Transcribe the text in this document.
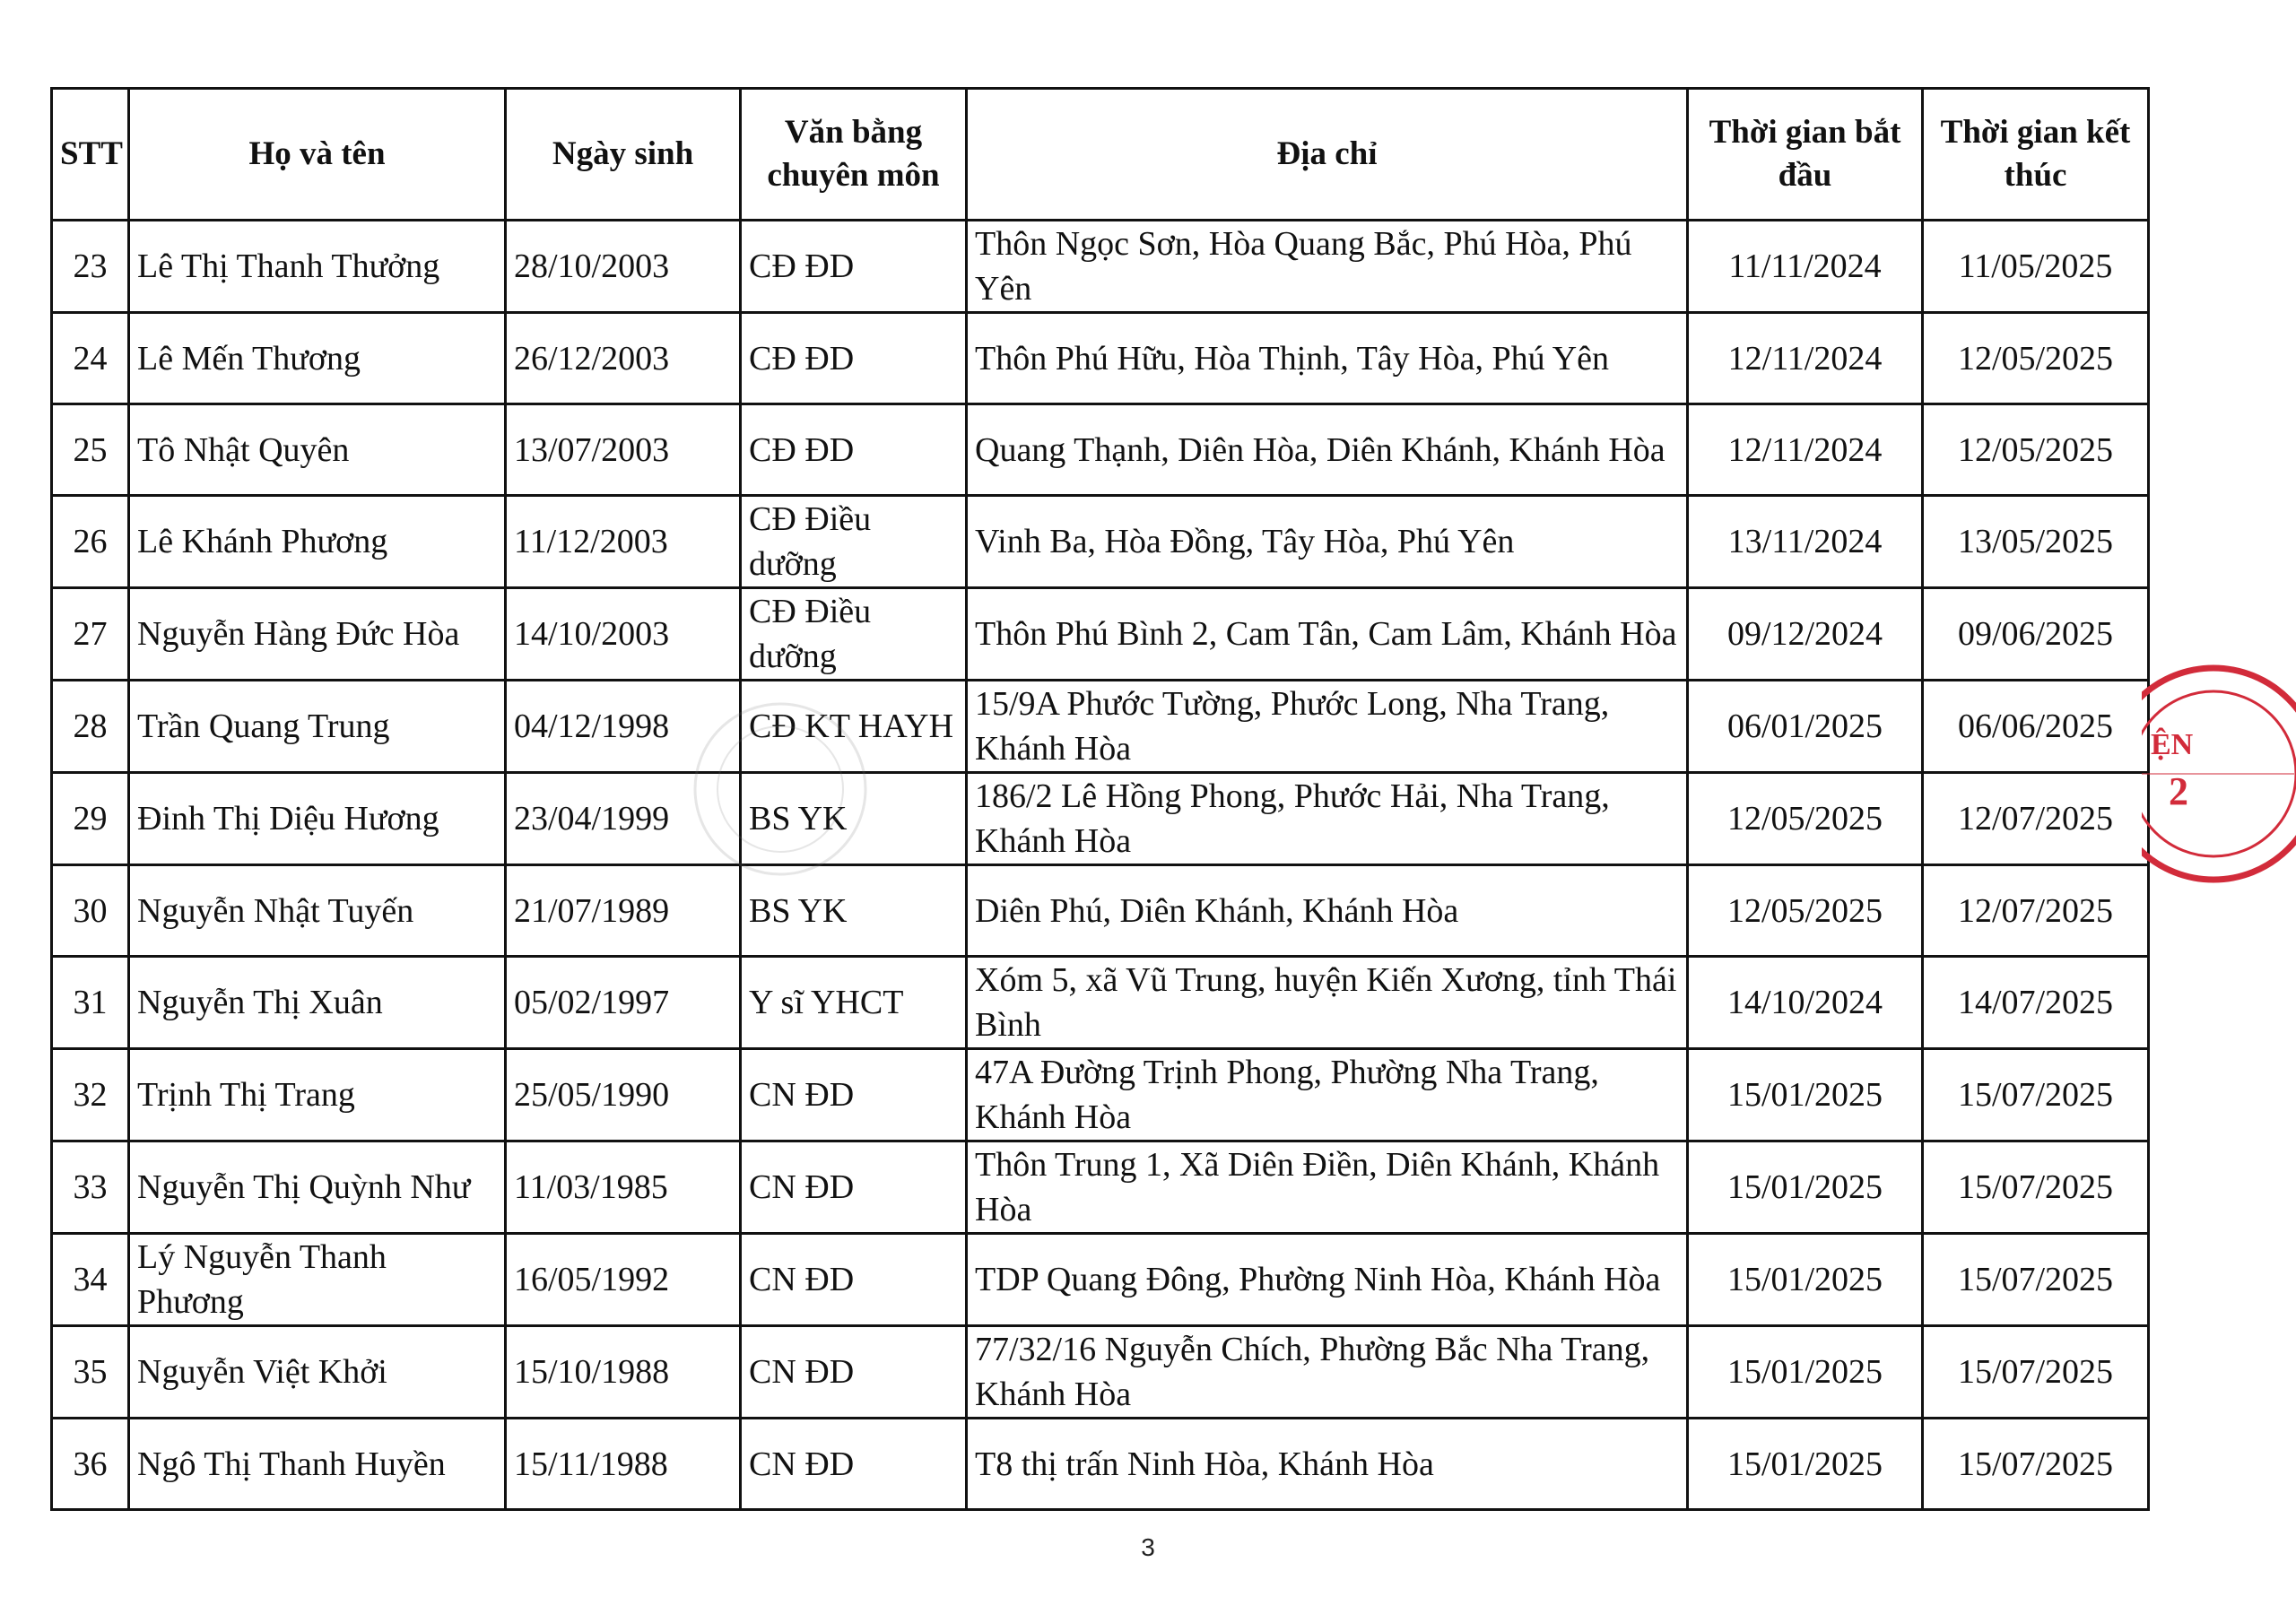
STT	Họ và tên	Ngày sinh	Văn bằng chuyên môn	Địa chỉ	Thời gian bắt đầu	Thời gian kết thúc
23	Lê Thị Thanh Thưởng	28/10/2003	CĐ ĐD	Thôn Ngọc Sơn, Hòa Quang Bắc, Phú Hòa, Phú Yên	11/11/2024	11/05/2025
24	Lê Mến Thương	26/12/2003	CĐ ĐD	Thôn Phú Hữu, Hòa Thịnh, Tây Hòa, Phú Yên	12/11/2024	12/05/2025
25	Tô Nhật Quyên	13/07/2003	CĐ ĐD	Quang Thạnh, Diên Hòa, Diên Khánh, Khánh Hòa	12/11/2024	12/05/2025
26	Lê Khánh Phương	11/12/2003	CĐ Điều dưỡng	Vinh Ba, Hòa Đồng, Tây Hòa, Phú Yên	13/11/2024	13/05/2025
27	Nguyễn Hàng Đức Hòa	14/10/2003	CĐ Điều dưỡng	Thôn Phú Bình 2, Cam Tân, Cam Lâm, Khánh Hòa	09/12/2024	09/06/2025
28	Trần Quang Trung	04/12/1998	CĐ KT HAYH	15/9A Phước Tường, Phước Long, Nha Trang, Khánh Hòa	06/01/2025	06/06/2025
29	Đinh Thị Diệu Hương	23/04/1999	BS YK	186/2 Lê Hồng Phong, Phước Hải, Nha Trang, Khánh Hòa	12/05/2025	12/07/2025
30	Nguyễn Nhật Tuyến	21/07/1989	BS YK	Diên Phú, Diên Khánh, Khánh Hòa	12/05/2025	12/07/2025
31	Nguyễn Thị Xuân	05/02/1997	Y sĩ YHCT	Xóm 5, xã Vũ Trung, huyện Kiến Xương, tỉnh Thái Bình	14/10/2024	14/07/2025
32	Trịnh Thị Trang	25/05/1990	CN ĐD	47A Đường Trịnh Phong, Phường Nha Trang, Khánh Hòa	15/01/2025	15/07/2025
33	Nguyễn Thị Quỳnh Như	11/03/1985	CN ĐD	Thôn Trung 1, Xã Diên Điền, Diên Khánh, Khánh Hòa	15/01/2025	15/07/2025
34	Lý Nguyễn Thanh Phương	16/05/1992	CN ĐD	TDP Quang Đông, Phường Ninh Hòa, Khánh Hòa	15/01/2025	15/07/2025
35	Nguyễn Việt Khởi	15/10/1988	CN ĐD	77/32/16 Nguyễn Chích, Phường Bắc Nha Trang, Khánh Hòa	15/01/2025	15/07/2025
36	Ngô Thị Thanh Huyền	15/11/1988	CN ĐD	T8 thị trấn Ninh Hòa, Khánh Hòa	15/01/2025	15/07/2025
ỆN
2
3
